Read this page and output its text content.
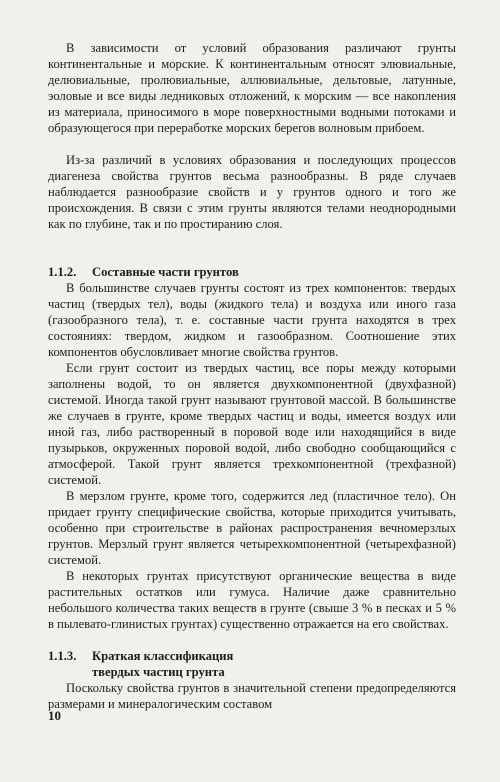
В зависимости от условий образования различают грунты континентальные и морские. К континентальным относят элювиальные, делювиальные, пролювиальные, аллювиальные, дельтовые, латунные, эоловые и все виды ледниковых отложений, к морским — все накопления из материала, приносимого в море поверхностными водными потоками и образующегося при переработке морских берегов волновым прибоем.

Из-за различий в условиях образования и последующих процессов диагенеза свойства грунтов весьма разнообразны. В ряде случаев наблюдается разнообразие свойств и у грунтов одного и того же происхождения. В связи с этим грунты являются телами неоднородными как по глубине, так и по простиранию слоя.

1.1.2. Составные части грунтов

В большинстве случаев грунты состоят из трех компонентов: твердых частиц (твердых тел), воды (жидкого тела) и воздуха или иного газа (газообразного тела), т. е. составные части грунта находятся в трех состояниях: твердом, жидком и газообразном. Соотношение этих компонентов обусловливает многие свойства грунтов.

Если грунт состоит из твердых частиц, все поры между которыми заполнены водой, то он является двухкомпонентной (двухфазной) системой. Иногда такой грунт называют грунтовой массой. В большинстве же случаев в грунте, кроме твердых частиц и воды, имеется воздух или иной газ, либо растворенный в поровой воде или находящийся в виде пузырьков, окруженных поровой водой, либо свободно сообщающийся с атмосферой. Такой грунт является трехкомпонентной (трехфазной) системой.

В мерзлом грунте, кроме того, содержится лед (пластичное тело). Он придает грунту специфические свойства, которые приходится учитывать, особенно при строительстве в районах распространения вечномерзлых грунтов. Мерзлый грунт является четырехкомпонентной (четырехфазной) системой.

В некоторых грунтах присутствуют органические вещества в виде растительных остатков или гумуса. Наличие даже сравнительно небольшого количества таких веществ в грунте (свыше 3 % в песках и 5 % в пылевато-глинистых грунтах) существенно отражается на его свойствах.

1.1.3. Краткая классификация
твердых частиц грунта

Поскольку свойства грунтов в значительной степени предопределяются размерами и минералогическим составом

10
